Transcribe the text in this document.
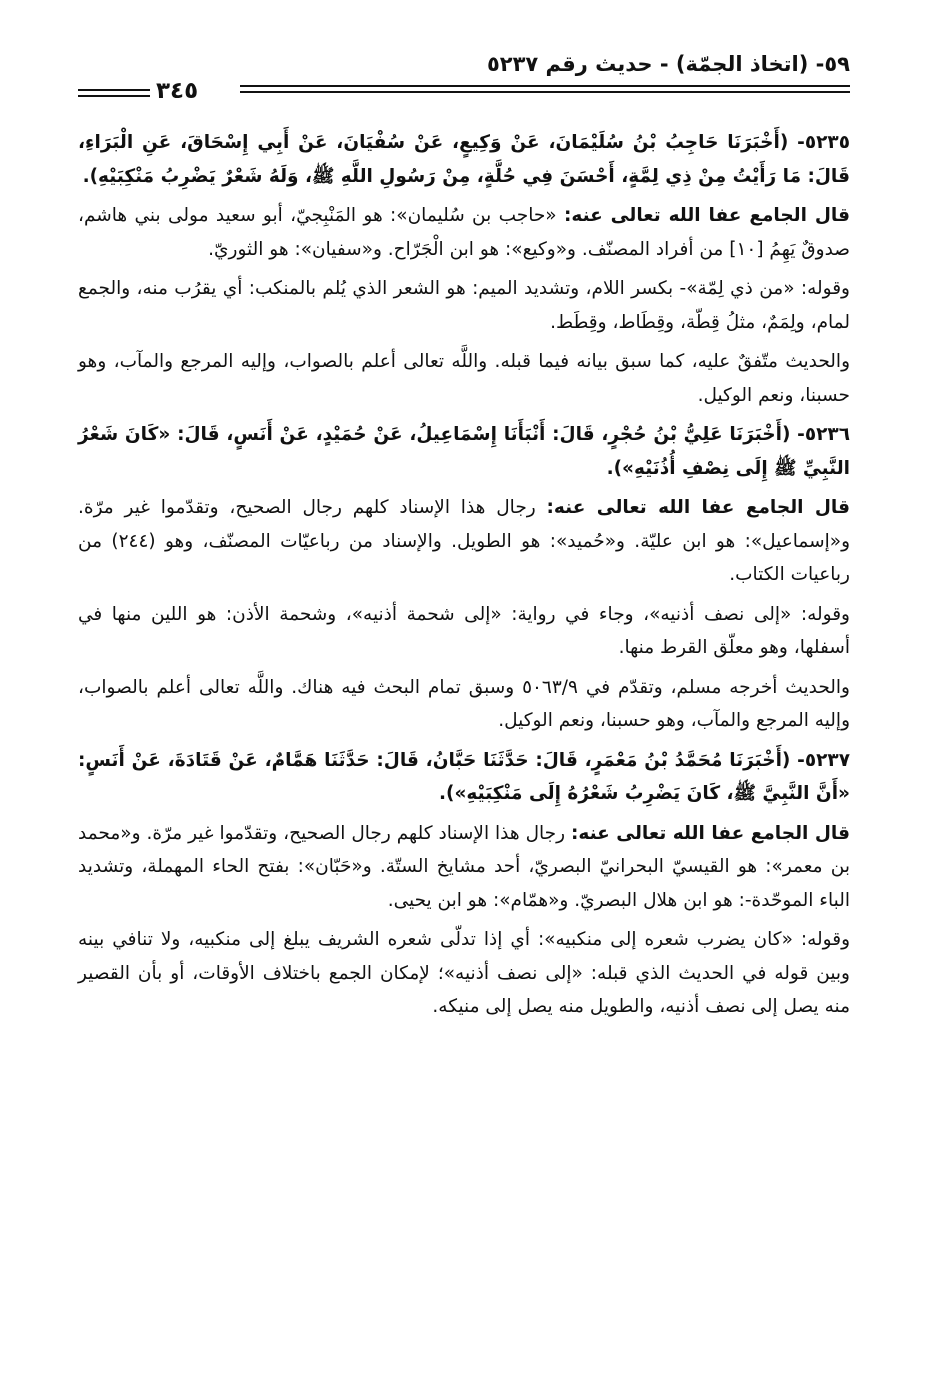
٥٩- (اتخاذ الجمّة) - حديث رقم ٥٢٣٧
٣٤٥

٥٢٣٥- (أَخْبَرَنَا حَاجِبُ بْنُ سُلَيْمَانَ، عَنْ وَكِيعٍ، عَنْ سُفْيَانَ، عَنْ أَبِي إِسْحَاقَ، عَنِ الْبَرَاءِ، قَالَ: مَا رَأَيْتُ مِنْ ذِي لِمَّةٍ، أَحْسَنَ فِي حُلَّةٍ، مِنْ رَسُولِ اللَّهِ ﷺ، وَلَهُ شَعْرٌ يَضْرِبُ مَنْكِبَيْهِ).

قال الجامع عفا الله تعالى عنه: «حاجب بن سُليمان»: هو المَنْبِجيّ، أبو سعيد مولى بني هاشم، صدوقٌ يَهِمُ [١٠] من أفراد المصنّف. و«وكيع»: هو ابن الْجَرّاح. و«سفيان»: هو الثوريّ.

وقوله: «من ذي لِمّة»- بكسر اللام، وتشديد الميم: هو الشعر الذي يُلم بالمنكب: أي يقرُب منه، والجمع لمام، ولِمَمٌ، مثلُ قِطّة، وقِطَاط، وقِطَط.

والحديث متّفقٌ عليه، كما سبق بيانه فيما قبله. واللَّه تعالى أعلم بالصواب، وإليه المرجع والمآب، وهو حسبنا، ونعم الوكيل.

٥٢٣٦- (أَخْبَرَنَا عَلِيُّ بْنُ حُجْرٍ، قَالَ: أَنْبَأَنَا إِسْمَاعِيلُ، عَنْ حُمَيْدٍ، عَنْ أَنَسٍ، قَالَ: «كَانَ شَعْرُ النَّبِيِّ ﷺ إِلَى نِصْفِ أُذُنَيْهِ»).

قال الجامع عفا الله تعالى عنه: رجال هذا الإسناد كلهم رجال الصحيح، وتقدّموا غير مرّة. و«إسماعيل»: هو ابن عليّة. و«حُميد»: هو الطويل. والإسناد من رباعيّات المصنّف، وهو (٢٤٤) من رباعيات الكتاب.

وقوله: «إلى نصف أذنيه»، وجاء في رواية: «إلى شحمة أذنيه»، وشحمة الأذن: هو اللين منها في أسفلها، وهو معلّق القرط منها.

والحديث أخرجه مسلم، وتقدّم في ٥٠٦٣/٩ وسبق تمام البحث فيه هناك. واللَّه تعالى أعلم بالصواب، وإليه المرجع والمآب، وهو حسبنا، ونعم الوكيل.

٥٢٣٧- (أَخْبَرَنَا مُحَمَّدُ بْنُ مَعْمَرٍ، قَالَ: حَدَّثَنَا حَبَّانُ، قَالَ: حَدَّثَنَا هَمَّامٌ، عَنْ قَتَادَةَ، عَنْ أَنَسٍ: «أَنَّ النَّبِيَّ ﷺ، كَانَ يَضْرِبُ شَعْرُهُ إِلَى مَنْكِبَيْهِ»).

قال الجامع عفا الله تعالى عنه: رجال هذا الإسناد كلهم رجال الصحيح، وتقدّموا غير مرّة. و«محمد بن معمر»: هو القيسيّ البحرانيّ البصريّ، أحد مشايخ الستّة. و«حَبّان»: بفتح الحاء المهملة، وتشديد الباء الموحّدة-: هو ابن هلال البصريّ. و«همّام»: هو ابن يحيى.

وقوله: «كان يضرب شعره إلى منكبيه»: أي إذا تدلّى شعره الشريف يبلغ إلى منكبيه، ولا تنافي بينه وبين قوله في الحديث الذي قبله: «إلى نصف أذنيه»؛ لإمكان الجمع باختلاف الأوقات، أو بأن القصير منه يصل إلى نصف أذنيه، والطويل منه يصل إلى منيكه.
